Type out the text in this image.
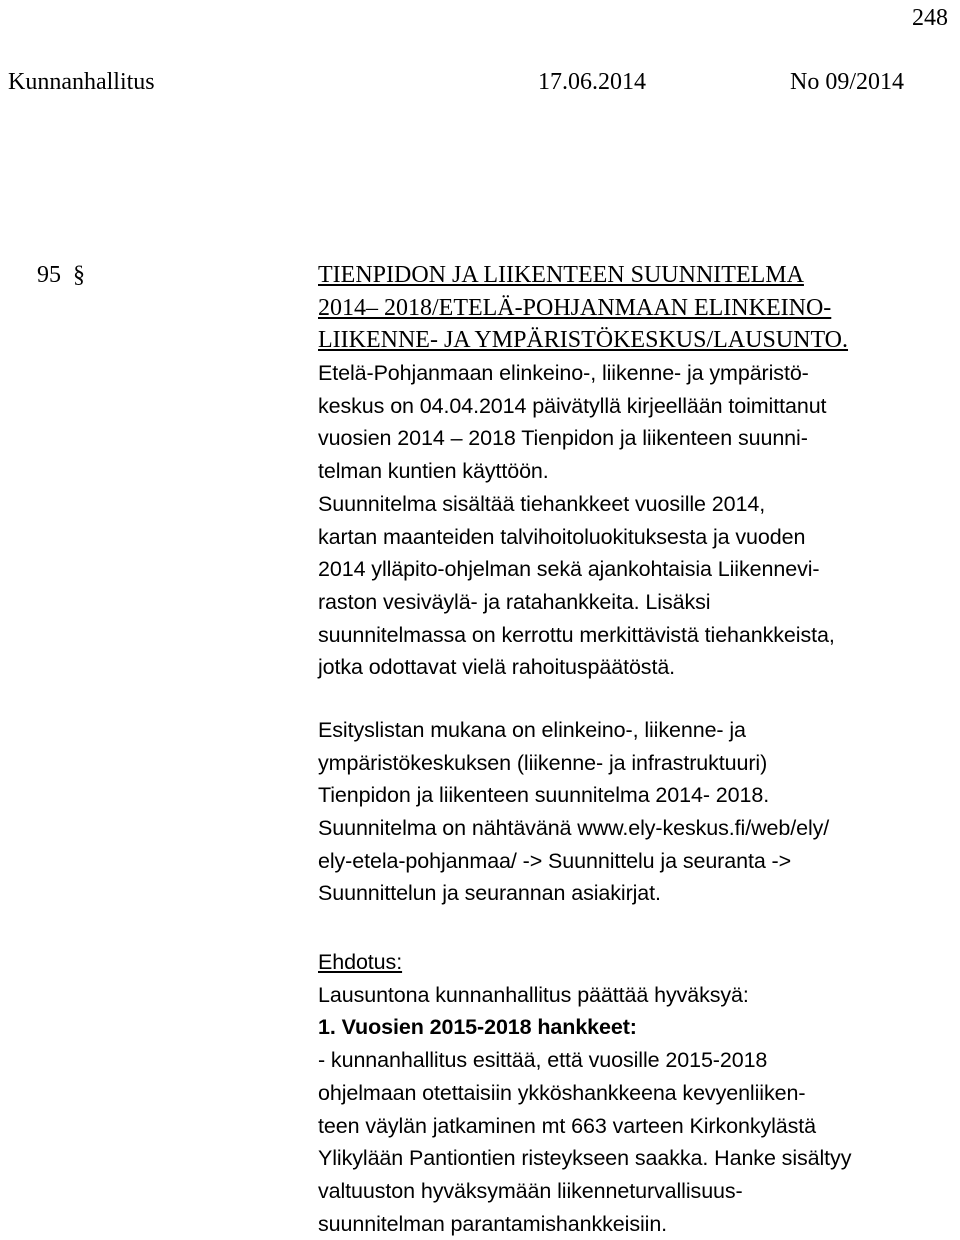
248
Kunnanhallitus	17.06.2014	No 09/2014
95 §	TIENPIDON JA LIIKENTEEN SUUNNITELMA
2014– 2018/ETELÄ-POHJANMAAN ELINKEINO-
LIIKENNE- JA YMPÄRISTÖKESKUS/LAUSUNTO.
Etelä-Pohjanmaan elinkeino-, liikenne- ja ympäristö-
keskus on 04.04.2014 päivätyllä kirjeellään toimittanut
vuosien 2014 – 2018 Tienpidon ja liikenteen suunni-
telman kuntien käyttöön.
Suunnitelma sisältää tiehankkeet vuosille 2014,
kartan maanteiden talvihoitoluokituksesta ja vuoden
2014 ylläpito-ohjelman sekä ajankohtaisia Liikennevi-
raston vesiväylä- ja ratahankkeita. Lisäksi
suunnitelmassa on kerrottu merkittävistä tiehankkeista,
jotka odottavat vielä rahoituspäätöstä.
Esityslistan mukana on elinkeino-, liikenne- ja
ympäristökeskuksen (liikenne- ja infrastruktuuri)
Tienpidon ja liikenteen suunnitelma 2014- 2018.
Suunnitelma on nähtävänä www.ely-keskus.fi/web/ely/
ely-etela-pohjanmaa/ -> Suunnittelu ja seuranta ->
Suunnittelun ja seurannan asiakirjat.
Ehdotus:
Lausuntona kunnanhallitus päättää hyväksyä:
1. Vuosien 2015-2018 hankkeet:
- kunnanhallitus esittää, että vuosille 2015-2018
ohjelmaan otettaisiin ykköshankkeena kevyenliiken-
teen väylän jatkaminen mt 663 varteen Kirkonkylästä
Ylikylään Pantiontien risteykseen saakka. Hanke sisältyy
valtuuston hyväksymään liikenneturvallisuus-
suunnitelman parantamishankkeisiin.
